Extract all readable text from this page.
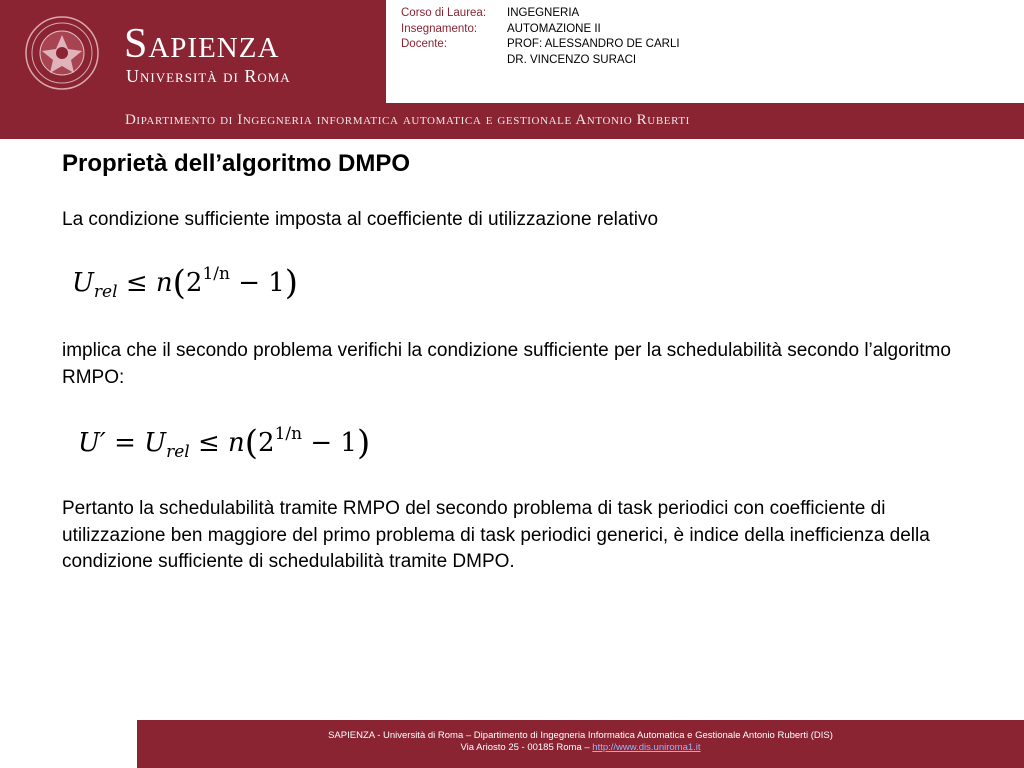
Sapienza
Università di Roma
Corso di Laurea:	INGEGNERIA
Insegnamento:	AUTOMAZIONE II
Docente:	PROF: ALESSANDRO DE CARLI
DR. VINCENZO SURACI
Dipartimento di Ingegneria informatica automatica e gestionale Antonio Ruberti
Proprietà dell’algoritmo DMPO
La condizione sufficiente imposta al coefficiente di utilizzazione relativo
$U_{rel} \le n(2^{1/n} - 1)$
implica che il secondo problema verifichi la condizione sufficiente per la schedulabilità secondo l’algoritmo RMPO:
$U' = U_{rel} \le n(2^{1/n} - 1)$
Pertanto la schedulabilità tramite RMPO del secondo problema di task periodici con coefficiente di utilizzazione ben maggiore del primo problema di task periodici generici, è indice della inefficienza della condizione sufficiente di schedulabilità tramite DMPO.
SAPIENZA - Università di Roma – Dipartimento di Ingegneria Informatica Automatica e Gestionale Antonio Ruberti (DIS)
Via Ariosto 25 - 00185 Roma – http://www.dis.uniroma1.it
